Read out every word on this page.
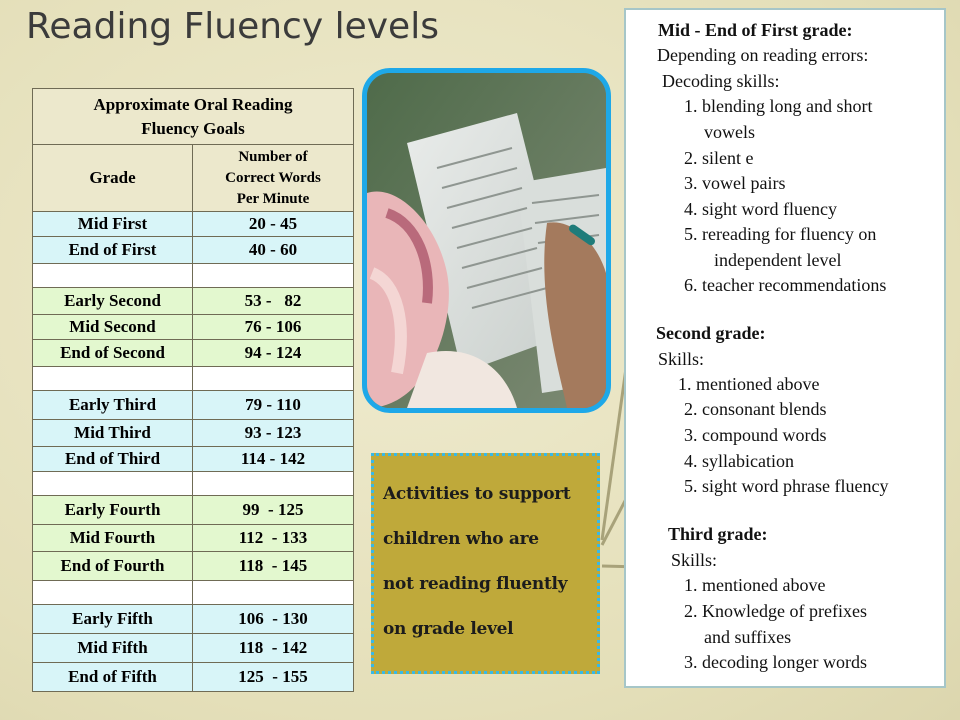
Reading Fluency levels
Approximate Oral Reading
Fluency Goals	
Grade	Number of
Correct Words
Per Minute
Mid First	20 - 45
End of First	40 - 60

Early Second	53 -   82
Mid Second	76 - 106
End of Second	94 - 124

Early Third	79 - 110
Mid Third	93 - 123
End of Third	114 - 142

Early Fourth	99  - 125
Mid Fourth	112  - 133
End of Fourth	118  - 145

Early Fifth	106  - 130
Mid Fifth	118  - 142
End of Fifth	125  - 155
Activities to support
children who are
not reading fluently
on grade level
Mid - End of First grade:
Depending on reading errors:
Decoding skills:
1. blending long and short
vowels
2. silent e
3. vowel pairs
4. sight word fluency
5. rereading for fluency on
independent level
6. teacher recommendations
Second grade:
Skills:
1. mentioned above
2. consonant blends
3. compound words
4. syllabication
5. sight word phrase fluency
Third grade:
Skills:
1. mentioned above
2. Knowledge of prefixes
and suffixes
3. decoding longer words
